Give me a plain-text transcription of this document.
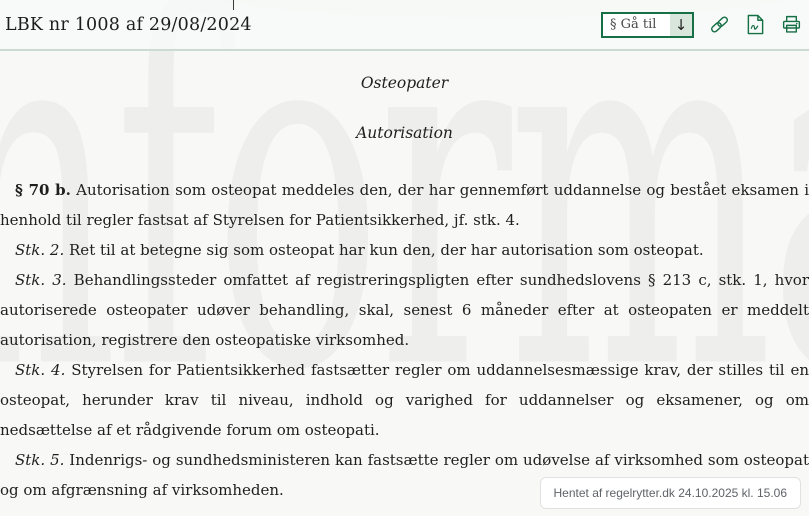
LBK nr 1008 af 29/08/2024	§ Gå til	↓
Osteopater
Autorisation

§ 70 b. Autorisation som osteopat meddeles den, der har gennemført uddannelse og bestået eksamen i henhold til regler fastsat af Styrelsen for Patientsikkerhed, jf. stk. 4.

Stk. 2. Ret til at betegne sig som osteopat har kun den, der har autorisation som osteopat.

Stk. 3. Behandlingssteder omfattet af registreringspligten efter sundhedslovens § 213 c, stk. 1, hvor autoriserede osteopater udøver behandling, skal, senest 6 måneder efter at osteopaten er meddelt autorisation, registrere den osteopatiske virksomhed.

Stk. 4. Styrelsen for Patientsikkerhed fastsætter regler om uddannelsesmæssige krav, der stilles til en osteopat, herunder krav til niveau, indhold og varighed for uddannelser og eksamener, og om nedsættelse af et rådgivende forum om osteopati.

Stk. 5. Indenrigs- og sundhedsministeren kan fastsætte regler om udøvelse af virksomhed som osteopat og om afgrænsning af virksomheden.	Hentet af regelrytter.dk 24.10.2025 kl. 15.06
